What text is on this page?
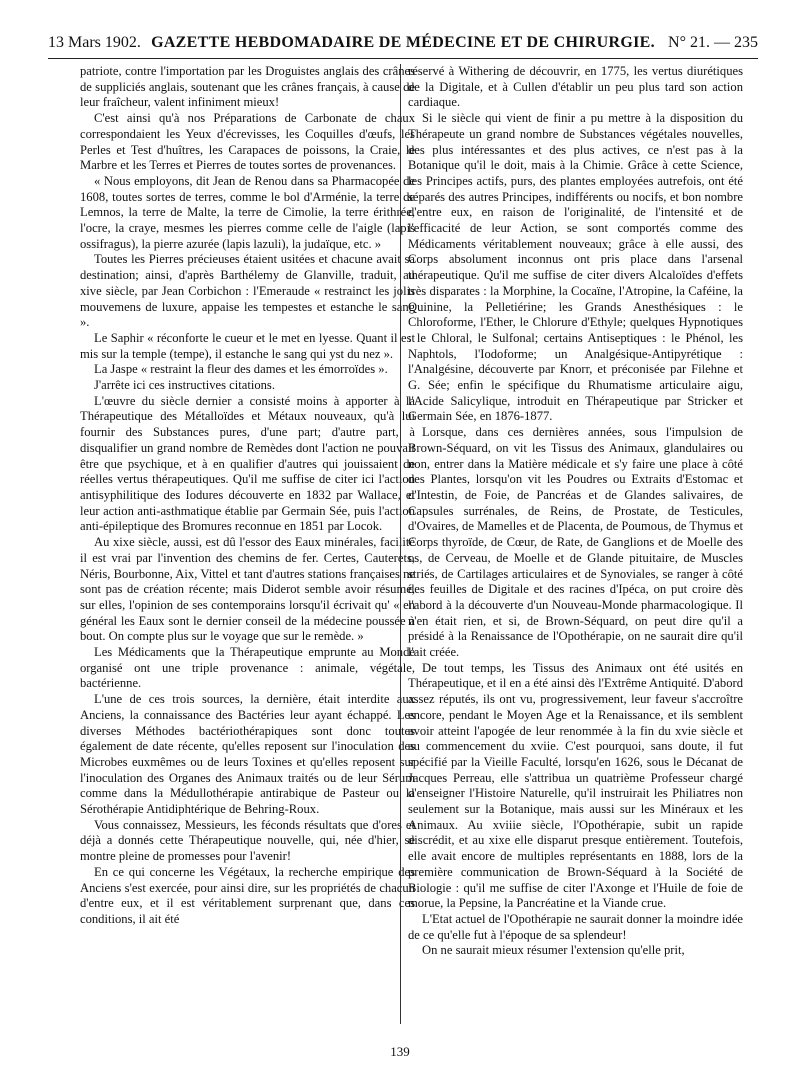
GAZETTE HEBDOMADAIRE DE MÉDECINE ET DE CHIRURGIE.
13 Mars 1902.	N° 21. — 235

patriote, contre l'importation par les Droguistes anglais des crânes de suppliciés anglais, soutenant que les crânes français, à cause de leur fraîcheur, valent infiniment mieux!

C'est ainsi qu'à nos Préparations de Carbonate de chaux correspondaient les Yeux d'écrevisses, les Coquilles d'œufs, les Perles et Test d'huîtres, les Carapaces de poissons, la Craie, le Marbre et les Terres et Pierres de toutes sortes de provenances.

« Nous employons, dit Jean de Renou dans sa Pharmacopée de 1608, toutes sortes de terres, comme le bol d'Arménie, la terre de Lemnos, la terre de Malte, la terre de Cimolie, la terre érithrée, l'ocre, la craye, mesmes les pierres comme celle de l'aigle (lapis ossifragus), la pierre azurée (lapis lazuli), la judaïque, etc. »

Toutes les Pierres précieuses étaient usitées et chacune avait sa destination; ainsi, d'après Barthélemy de Glanville, traduit, au xive siècle, par Jean Corbichon : l'Emeraude « restrainct les jolis mouvemens de luxure, appaise les tempestes et estanche le sang ».

Le Saphir « réconforte le cueur et le met en lyesse. Quant il est mis sur la temple (tempe), il estanche le sang qui yst du nez ».

La Jaspe « restraint la fleur des dames et les émorroïdes ».

J'arrête ici ces instructives citations.

L'œuvre du siècle dernier a consisté moins à apporter à la Thérapeutique des Métalloïdes et Métaux nouveaux, qu'à lui fournir des Substances pures, d'une part; d'autre part, à disqualifier un grand nombre de Remèdes dont l'action ne pouvait être que psychique, et à en qualifier d'autres qui jouissaient de réelles vertus thérapeutiques. Qu'il me suffise de citer ici l'action antisyphilitique des Iodures découverte en 1832 par Wallace, et leur action anti-asthmatique établie par Germain Sée, puis l'action anti-épileptique des Bromures reconnue en 1851 par Locok.

Au xixe siècle, aussi, est dû l'essor des Eaux minérales, facilité il est vrai par l'invention des chemins de fer. Certes, Cauterets, Néris, Bourbonne, Aix, Vittel et tant d'autres stations françaises ne sont pas de création récente; mais Diderot semble avoir résumé, sur elles, l'opinion de ses contemporains lorsqu'il écrivait qu' « en général les Eaux sont le dernier conseil de la médecine poussée à bout. On compte plus sur le voyage que sur le remède. »

Les Médicaments que la Thérapeutique emprunte au Monde organisé ont une triple provenance : animale, végétale, bactérienne.

L'une de ces trois sources, la dernière, était interdite aux Anciens, la connaissance des Bactéries leur ayant échappé. Les diverses Méthodes bactériothérapiques sont donc toutes également de date récente, qu'elles reposent sur l'inoculation des Microbes euxmêmes ou de leurs Toxines et qu'elles reposent sur l'inoculation des Organes des Animaux traités ou de leur Sérum comme dans la Médullothérapie antirabique de Pasteur ou la Sérothérapie Antidiphtérique de Behring-Roux.

Vous connaissez, Messieurs, les féconds résultats que d'ores et déjà a donnés cette Thérapeutique nouvelle, qui, née d'hier, se montre pleine de promesses pour l'avenir!

En ce qui concerne les Végétaux, la recherche empirique des Anciens s'est exercée, pour ainsi dire, sur les propriétés de chacun d'entre eux, et il est véritablement surprenant que, dans ces conditions, il ait été

réservé à Withering de découvrir, en 1775, les vertus diurétiques de la Digitale, et à Cullen d'établir un peu plus tard son action cardiaque.

Si le siècle qui vient de finir a pu mettre à la disposition du Thérapeute un grand nombre de Substances végétales nouvelles, des plus intéressantes et des plus actives, ce n'est pas à la Botanique qu'il le doit, mais à la Chimie. Grâce à cette Science, les Principes actifs, purs, des plantes employées autrefois, ont été séparés des autres Principes, indifférents ou nocifs, et bon nombre d'entre eux, en raison de l'originalité, de l'intensité et de l'efficacité de leur Action, se sont comportés comme des Médicaments véritablement nouveaux; grâce à elle aussi, des Corps absolument inconnus ont pris place dans l'arsenal thérapeutique. Qu'il me suffise de citer divers Alcaloïdes d'effets très disparates : la Morphine, la Cocaïne, l'Atropine, la Caféine, la Quinine, la Pelletiérine; les Grands Anesthésiques : le Chloroforme, l'Ether, le Chlorure d'Ethyle; quelques Hypnotiques : le Chloral, le Sulfonal; certains Antiseptiques : le Phénol, les Naphtols, l'Iodoforme; un Analgésique-Antipyrétique : l'Analgésine, découverte par Knorr, et préconisée par Filehne et G. Sée; enfin le spécifique du Rhumatisme articulaire aigu, l'Acide Salicylique, introduit en Thérapeutique par Stricker et Germain Sée, en 1876-1877.

Lorsque, dans ces dernières années, sous l'impulsion de Brown-Séquard, on vit les Tissus des Animaux, glandulaires ou non, entrer dans la Matière médicale et s'y faire une place à côté des Plantes, lorsqu'on vit les Poudres ou Extraits d'Estomac et d'Intestin, de Foie, de Pancréas et de Glandes salivaires, de Capsules surrénales, de Reins, de Prostate, de Testicules, d'Ovaires, de Mamelles et de Placenta, de Poumous, de Thymus et Corps thyroïde, de Cœur, de Rate, de Ganglions et de Moelle des os, de Cerveau, de Moelle et de Glande pituitaire, de Muscles striés, de Cartilages articulaires et de Synoviales, se ranger à côté des feuilles de Digitale et des racines d'Ipéca, on put croire dès l'abord à la découverte d'un Nouveau-Monde pharmacologique. Il n'en était rien, et si, de Brown-Séquard, on peut dire qu'il a présidé à la Renaissance de l'Opothérapie, on ne saurait dire qu'il l'ait créée.

De tout temps, les Tissus des Animaux ont été usités en Thérapeutique, et il en a été ainsi dès l'Extrême Antiquité. D'abord assez réputés, ils ont vu, progressivement, leur faveur s'accroître encore, pendant le Moyen Age et la Renaissance, et ils semblent avoir atteint l'apogée de leur renommée à la fin du xvie siècle et au commencement du xviie. C'est pourquoi, sans doute, il fut spécifié par la Vieille Faculté, lorsqu'en 1626, sous le Décanat de Jacques Perreau, elle s'attribua un quatrième Professeur chargé d'enseigner l'Histoire Naturelle, qu'il instruirait les Philiatres non seulement sur la Botanique, mais aussi sur les Minéraux et les Animaux. Au xviiie siècle, l'Opothérapie, subit un rapide discrédit, et au xixe elle disparut presque entièrement. Toutefois, elle avait encore de multiples représentants en 1888, lors de la première communication de Brown-Séquard à la Société de Biologie : qu'il me suffise de citer l'Axonge et l'Huile de foie de morue, la Pepsine, la Pancréatine et la Viande crue.

L'Etat actuel de l'Opothérapie ne saurait donner la moindre idée de ce qu'elle fut à l'époque de sa splendeur!

On ne saurait mieux résumer l'extension qu'elle prit,

139
